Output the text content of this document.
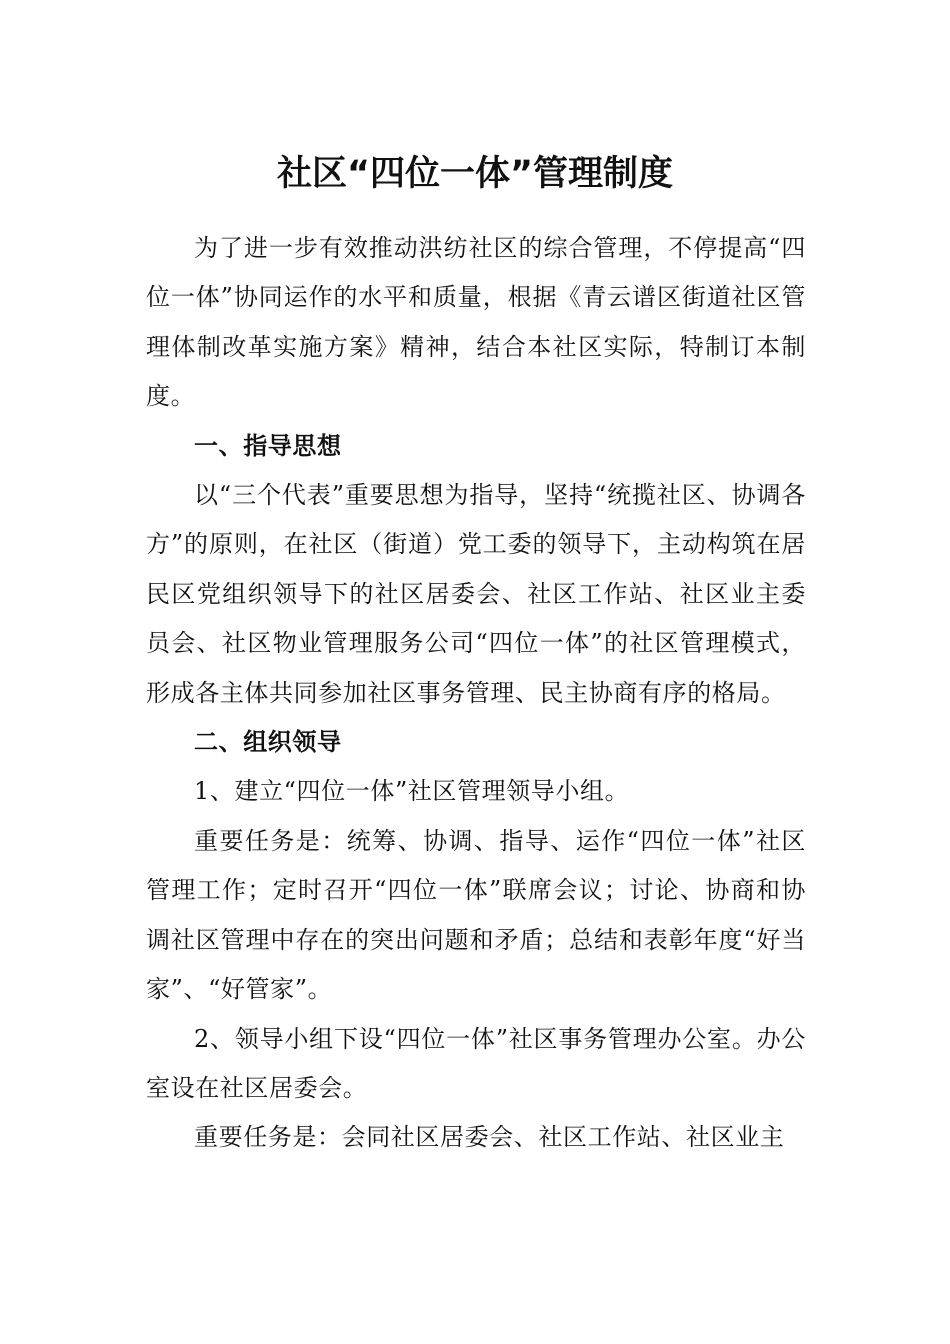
社区“四位一体”管理制度

为了进一步有效推动洪纺社区的综合管理，不停提高“四位一体”协同运作的水平和质量，根据《青云谱区街道社区管理体制改革实施方案》精神，结合本社区实际，特制订本制度。

一、指导思想

以“三个代表”重要思想为指导，坚持“统揽社区、协调各方”的原则，在社区（街道）党工委的领导下，主动构筑在居民区党组织领导下的社区居委会、社区工作站、社区业主委员会、社区物业管理服务公司“四位一体”的社区管理模式，形成各主体共同参加社区事务管理、民主协商有序的格局。

二、组织领导

1、建立“四位一体”社区管理领导小组。

重要任务是：统筹、协调、指导、运作“四位一体”社区管理工作；定时召开“四位一体”联席会议；讨论、协商和协调社区管理中存在的突出问题和矛盾；总结和表彰年度“好当家”、“好管家”。

2、领导小组下设“四位一体”社区事务管理办公室。办公室设在社区居委会。

重要任务是：会同社区居委会、社区工作站、社区业主
